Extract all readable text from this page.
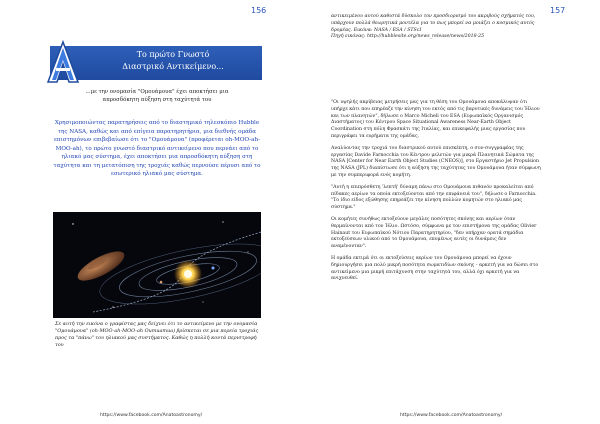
156
Το πρώτο Γνωστό
Διαστρικό Αντικείμενο...
...με την ονομασία "Ομουάμουα" έχει αποκτήσει μια
απροσδόκητη αύξηση στη ταχύτητά του
Χρησιμοποιώντας παρατηρήσεις από το διαστημικό τηλεσκόπιο Hubble της NASA, καθώς και από επίγεια παρατηρητήρια, μια διεθνής ομάδα επιστημόνων επιβεβαίωσε ότι το "Ομουάμουα" (προφέρεται oh-MOO-ah-MOO-ah), το πρώτο γνωστό διαστρικό αντικείμενο που περνάει από το ηλιακό μας σύστημα, έχει αποκτήσει μια απροσδόκητη αύξηση στη ταχύτητα και τη μετατόπιση της τροχιάς καθώς περνούσε πέρυσι από το εσωτερικό ηλιακό μας σύστημα.
Σε αυτή την εικόνα ο γραφίστας μας δείχνει ότι το αντικείμενο με την ονομασία "Ομουάμουα" (oh-MOO-ah-MOO-ah Oumuamua) βρίσκεται σε μια πορεία τροχιάς προς τα "πάνω" του ηλιακού μας συστήματος. Καθώς η πολλή κοντά περιστροφή του
https://www.facebook.com/Anatoastronomy/
157
αντικειμένου αυτού καθιστά δύσκολο τον προσδιορισμό του ακριβούς σχήματός του, υπάρχουν πολλά θεωρητικά μοντέλα για το πως μπορεί να μοιάζει ο κοσμικός αυτός δρομέας. Εικόνα: NASA / ESA / STScI
Πηγή εικόνας: http://hubblesite.org/news_release/news/2018-25

"Οι υψηλής ακρίβειας μετρήσεις μας για τη θέση του Ομουάμουα αποκάλυψαν ότι υπήρχε κάτι που επηρέαζε την κίνηση του εκτός από τις βαρυτικές δυνάμεις του Ήλιου και των πλανητών", δήλωσε ο Marco Micheli του ESA (Ευρωπαϊκός Οργανισμός Διαστήματος) του Κέντρου Space Situational Awareness Near-Earth Object Coordination στη πόλη Φρασκάτι της Ιταλίας, και επικεφαλής μιας εργασίας που περιγράφει τα ευρήματα της ομάδας.

Αναλύοντας την τροχιά του διαστρικού αυτού επισκέπτη, ο συν-συγγραφέας της εργασίας Davide Farnocchia του Κέντρου μελετών για μικρά Πλανητικά Σώματα της NASA [Center for Near Earth Object Studies (CNEOS)], στο Εργαστήριο Jet Propulsion της NASA (JPL) διαπίστωσε ότι η αύξηση της ταχύτητας του Ομουάμουα ήταν σύμφωνη με την συμπεριφορά ενός κομήτη.

"Αυτή η επιπρόσθετη 'λεπτή' δύναμη πάνω στο Ομουάμουα πιθανόν προκαλείται από πίδακες αερίων τα οποία εκτοξεύονται από την επιφάνειά του", δήλωσε ο Farnocchia. "Το ίδιο είδος εξώθησης επηρεάζει την κίνηση πολλών κομητών στο ηλιακό μας σύστημα."

Οι κομήτες συνήθως εκτοξεύουν μεγάλες ποσότητες σκόνης και αερίων όταν θερμαίνονται από τον Ήλιο. Ωστόσο, σύμφωνα με τον επιστήμονα της ομάδας Olivier Hainaut του Ευρωπαϊκού Νότιου Παρατηρητηρίου, "δεν υπήρχαν ορατά σημάδια εκτοξεύσεων υλικού από το Ομουάμουα, επομένως αυτές οι δυνάμεις δεν αναμένονταν".

Η ομάδα εκτιμά ότι οι εκτοξεύσεις αερίων του Ομουάμουα μπορεί να έχουν δημιουργήσει μια πολύ μικρή ποσότητα σωματιδίων σκόνης - αρκετή για να δώσει στο αντικείμενο μια μικρή επιτάχυνση στην ταχύτητά του, αλλά όχι αρκετή για να ανιχνευθεί.

https://www.facebook.com/Anatoastronomy/
